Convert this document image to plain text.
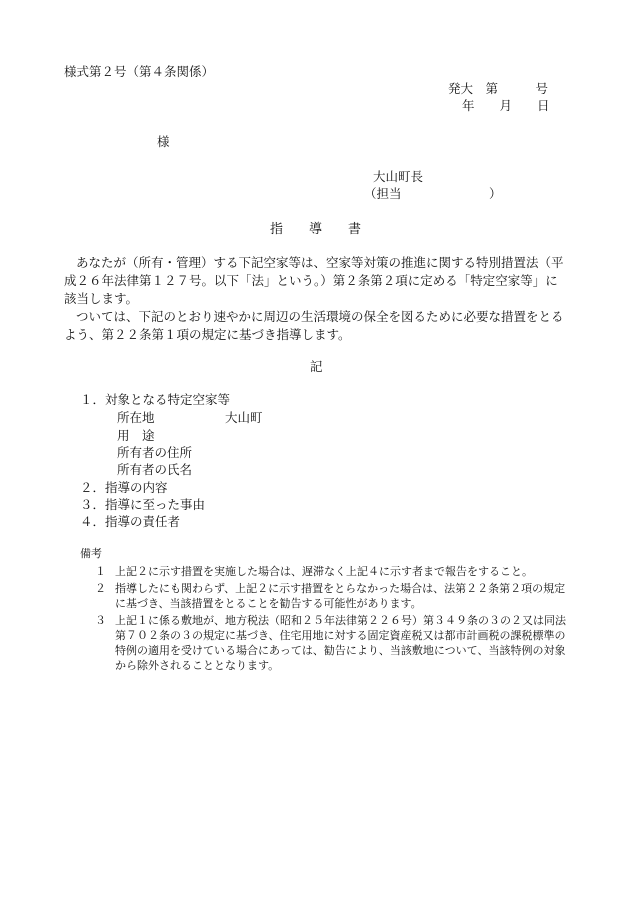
様式第２号（第４条関係）
発大　第　　　号
年　　月　　日
様
大山町長
（担当　　　　　　　）
指　　導　　書

あなたが（所有・管理）する下記空家等は、空家等対策の推進に関する特別措置法（平成２６年法律第１２７号。以下「法」という。）第２条第２項に定める「特定空家等」に該当します。

ついては、下記のとおり速やかに周辺の生活環境の保全を図るために必要な措置をとるよう、第２２条第１項の規定に基づき指導します。

記
１．対象となる特定空家等
所在地	大山町
用　途
所有者の住所
所有者の氏名
２．指導の内容
３．指導に至った事由
４．指導の責任者
備考
１ 上記２に示す措置を実施した場合は、遅滞なく上記４に示す者まで報告をすること。
２ 指導したにも関わらず、上記２に示す措置をとらなかった場合は、法第２２条第２項の規定に基づき、当該措置をとることを勧告する可能性があります。
３ 上記１に係る敷地が、地方税法（昭和２５年法律第２２６号）第３４９条の３の２又は同法第７０２条の３の規定に基づき、住宅用地に対する固定資産税又は都市計画税の課税標準の特例の適用を受けている場合にあっては、勧告により、当該敷地について、当該特例の対象から除外されることとなります。
